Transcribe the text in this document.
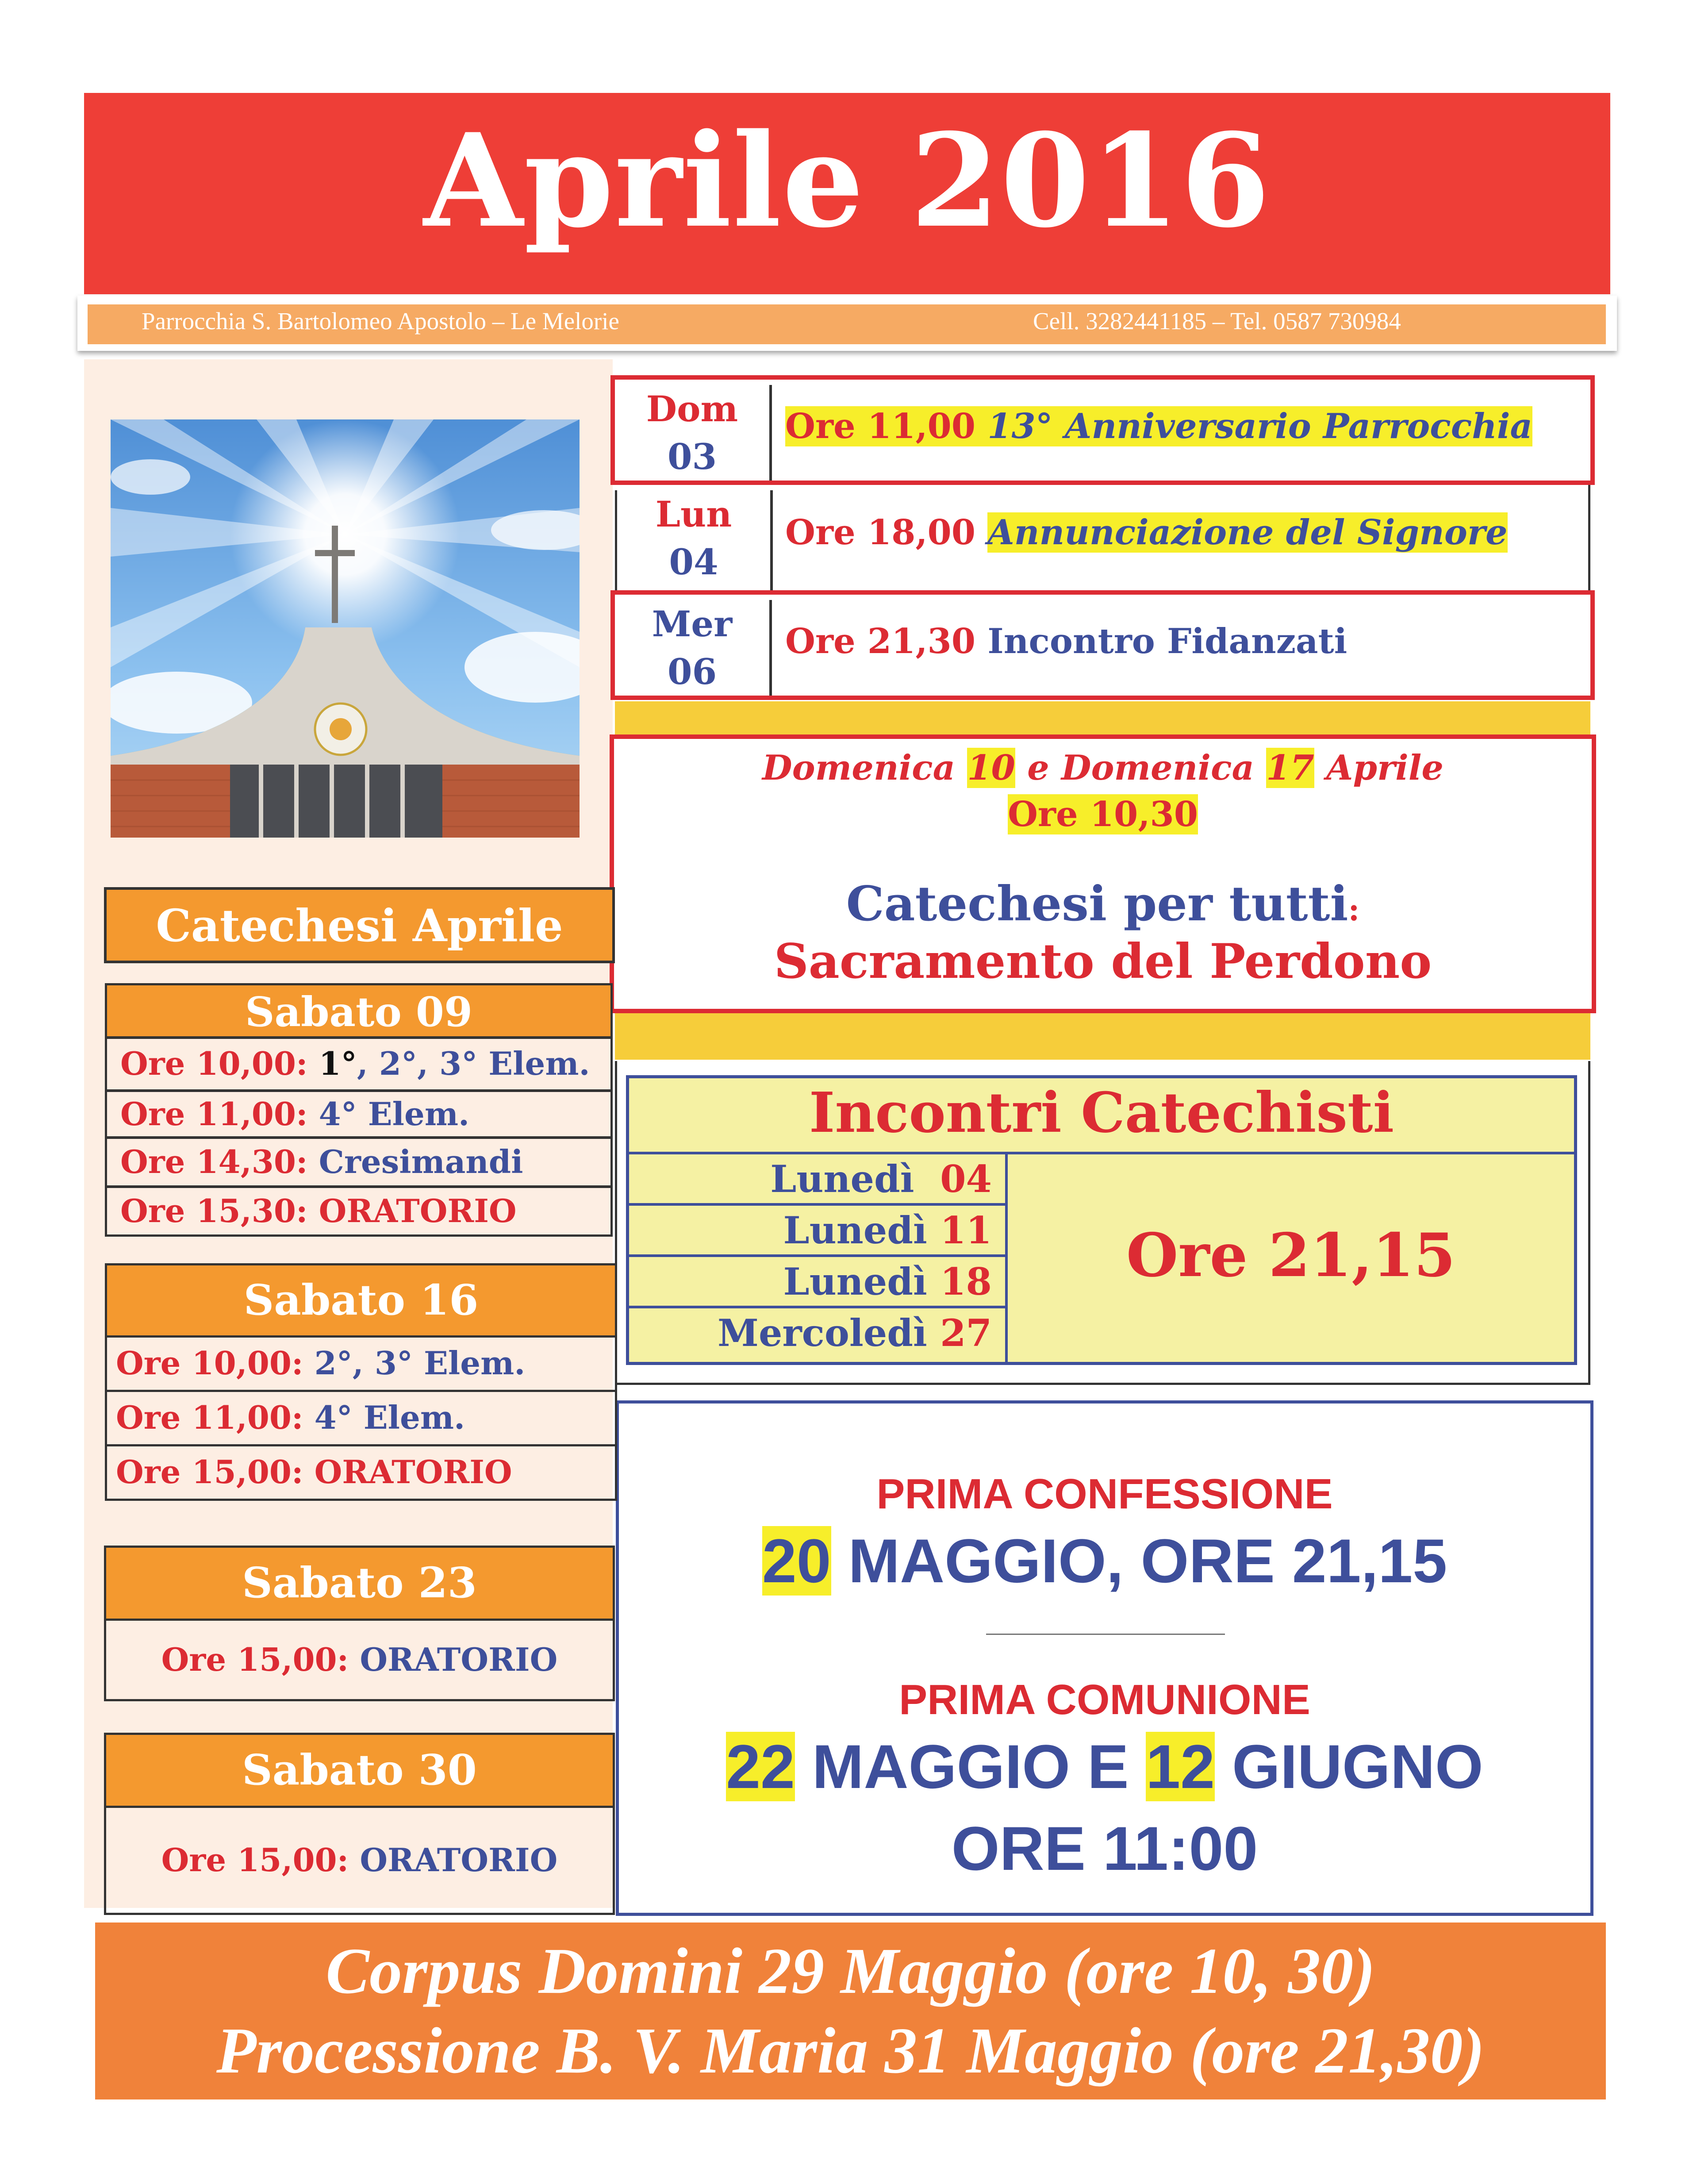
Aprile 2016
Parrocchia S. Bartolomeo Apostolo – Le Melorie	Cell. 3282441185 – Tel. 0587 730984
Dom
03
Ore 11,00 13° Anniversario Parrocchia
Lun
04
Ore 18,00 Annunciazione del Signore
Mer
06
Ore 21,30 Incontro Fidanzati
Domenica 10 e Domenica 17 Aprile
Ore 10,30
Catechesi per tutti:
Sacramento del Perdono
Incontri Catechisti
Lunedì 04
Lunedì 11
Lunedì 18
Mercoledì 27
Ore 21,15
PRIMA CONFESSIONE
20 MAGGIO, ORE 21,15
PRIMA COMUNIONE
22 MAGGIO E 12 GIUGNO
ORE 11:00
Catechesi Aprile
Sabato 09
Ore 10,00: 1°, 2°, 3° Elem.
Ore 11,00: 4° Elem.
Ore 14,30: Cresimandi
Ore 15,30: ORATORIO
Sabato 16
Ore 10,00: 2°, 3° Elem.
Ore 11,00: 4° Elem.
Ore 15,00: ORATORIO
Sabato 23
Ore 15,00: ORATORIO
Sabato 30
Ore 15,00: ORATORIO
Corpus Domini 29 Maggio (ore 10, 30)
Processione B. V. Maria 31 Maggio (ore 21,30)
